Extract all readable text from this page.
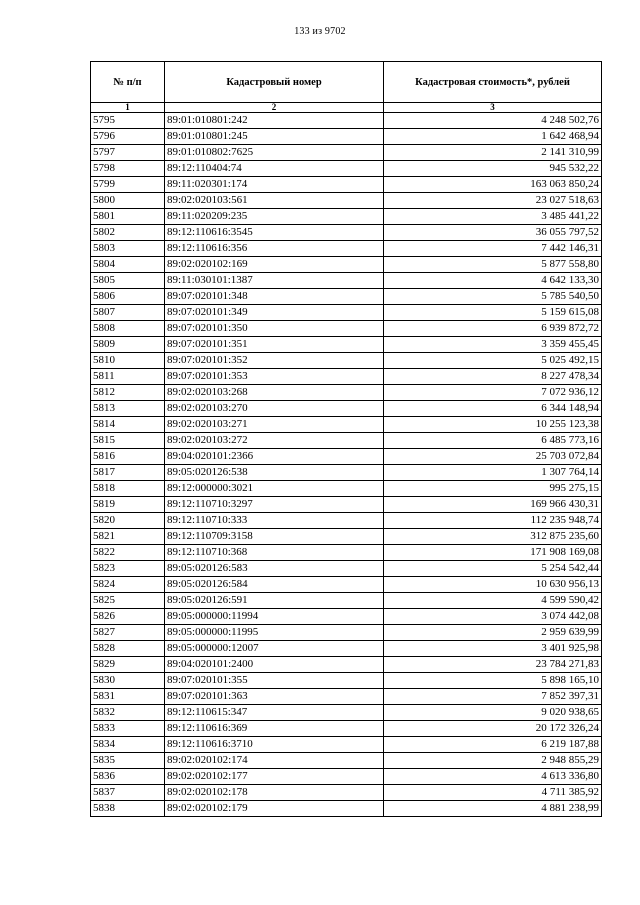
133 из 9702
№ п/п	Кадастровый номер	Кадастровая стоимость*, рублей
1	2	3
5795	89:01:010801:242	4 248 502,76
5796	89:01:010801:245	1 642 468,94
5797	89:01:010802:7625	2 141 310,99
5798	89:12:110404:74	945 532,22
5799	89:11:020301:174	163 063 850,24
5800	89:02:020103:561	23 027 518,63
5801	89:11:020209:235	3 485 441,22
5802	89:12:110616:3545	36 055 797,52
5803	89:12:110616:356	7 442 146,31
5804	89:02:020102:169	5 877 558,80
5805	89:11:030101:1387	4 642 133,30
5806	89:07:020101:348	5 785 540,50
5807	89:07:020101:349	5 159 615,08
5808	89:07:020101:350	6 939 872,72
5809	89:07:020101:351	3 359 455,45
5810	89:07:020101:352	5 025 492,15
5811	89:07:020101:353	8 227 478,34
5812	89:02:020103:268	7 072 936,12
5813	89:02:020103:270	6 344 148,94
5814	89:02:020103:271	10 255 123,38
5815	89:02:020103:272	6 485 773,16
5816	89:04:020101:2366	25 703 072,84
5817	89:05:020126:538	1 307 764,14
5818	89:12:000000:3021	995 275,15
5819	89:12:110710:3297	169 966 430,31
5820	89:12:110710:333	112 235 948,74
5821	89:12:110709:3158	312 875 235,60
5822	89:12:110710:368	171 908 169,08
5823	89:05:020126:583	5 254 542,44
5824	89:05:020126:584	10 630 956,13
5825	89:05:020126:591	4 599 590,42
5826	89:05:000000:11994	3 074 442,08
5827	89:05:000000:11995	2 959 639,99
5828	89:05:000000:12007	3 401 925,98
5829	89:04:020101:2400	23 784 271,83
5830	89:07:020101:355	5 898 165,10
5831	89:07:020101:363	7 852 397,31
5832	89:12:110615:347	9 020 938,65
5833	89:12:110616:369	20 172 326,24
5834	89:12:110616:3710	6 219 187,88
5835	89:02:020102:174	2 948 855,29
5836	89:02:020102:177	4 613 336,80
5837	89:02:020102:178	4 711 385,92
5838	89:02:020102:179	4 881 238,99
